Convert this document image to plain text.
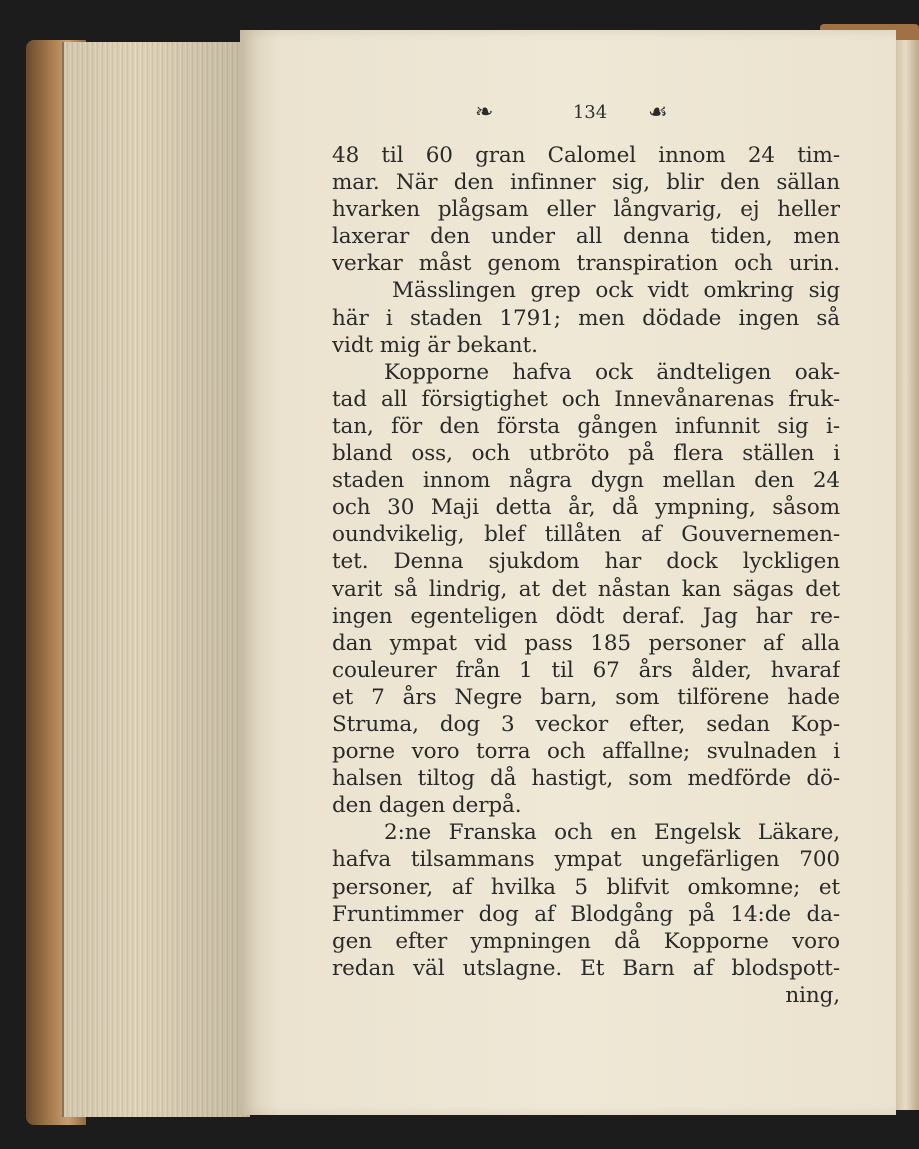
❧	134 ☙
48 til 60 gran Calomel innom 24 tim-
mar. När den infinner sig, blir den sällan
hvarken plågsam eller långvarig, ej heller
laxerar den under all denna tiden, men
verkar måst genom transpiration och urin.
Mässlingen grep ock vidt omkring sig
här i staden 1791; men dödade ingen så
vidt mig är bekant.
Kopporne hafva ock ändteligen oak-
tad all försigtighet och Innevånarenas fruk-
tan, för den första gången infunnit sig i-
bland oss, och utbröto på flera ställen i
staden innom några dygn mellan den 24
och 30 Maji detta år, då ympning, såsom
oundvikelig, blef tillåten af Gouvernemen-
tet. Denna sjukdom har dock lyckligen
varit så lindrig, at det nåstan kan sägas det
ingen egenteligen dödt deraf. Jag har re-
dan ympat vid pass 185 personer af alla
couleurer från 1 til 67 års ålder, hvaraf
et 7 års Negre barn, som tilförene hade
Struma, dog 3 veckor efter, sedan Kop-
porne voro torra och affallne; svulnaden i
halsen tiltog då hastigt, som medförde dö-
den dagen derpå.
2:ne Franska och en Engelsk Läkare,
hafva tilsammans ympat ungefärligen 700
personer, af hvilka 5 blifvit omkomne; et
Fruntimmer dog af Blodgång på 14:de da-
gen efter ympningen då Kopporne voro
redan väl utslagne. Et Barn af blodspott-
ning,
